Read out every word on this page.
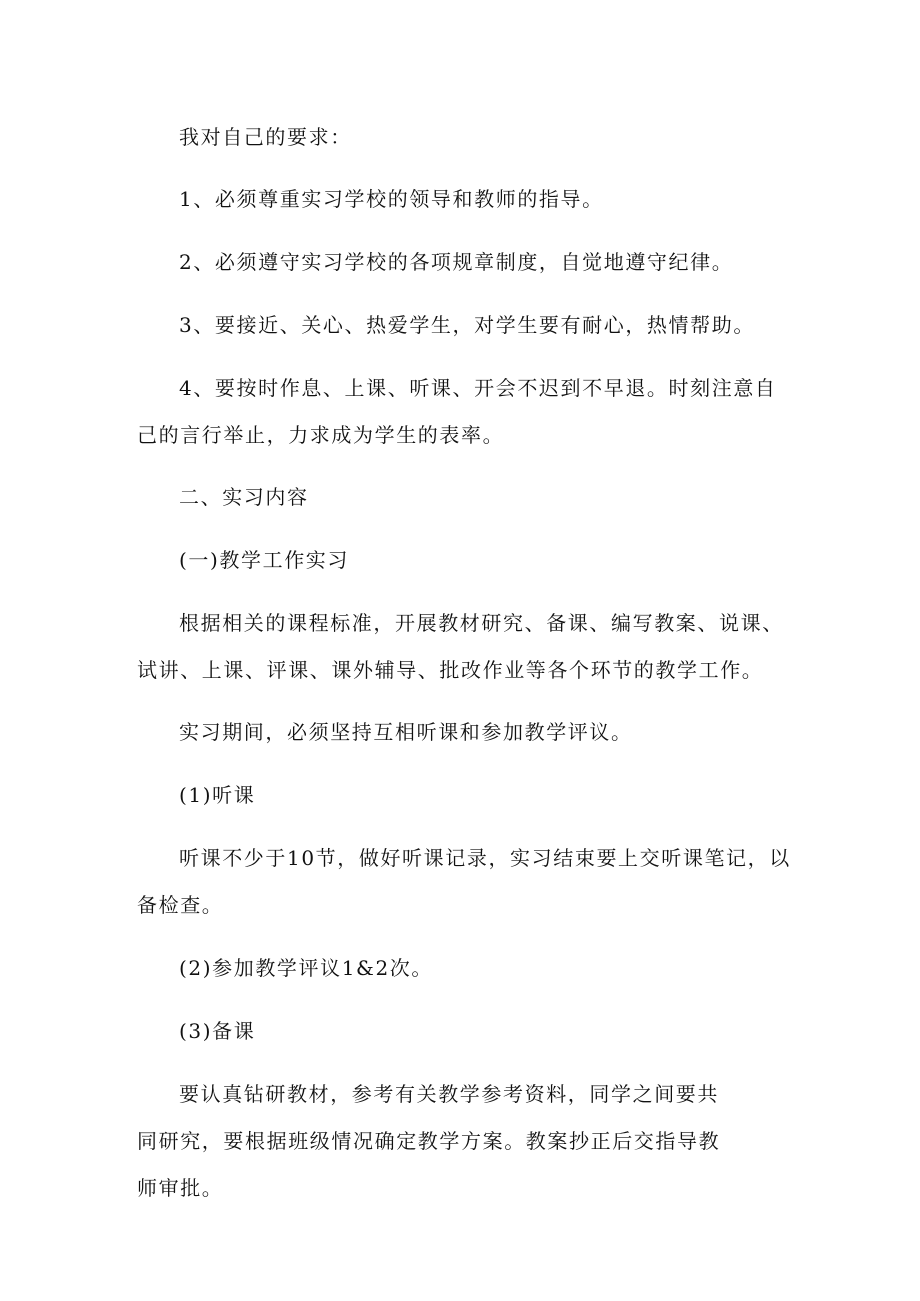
我对自己的要求：

1、必须尊重实习学校的领导和教师的指导。

2、必须遵守实习学校的各项规章制度，自觉地遵守纪律。

3、要接近、关心、热爱学生，对学生要有耐心，热情帮助。

4、要按时作息、上课、听课、开会不迟到不早退。时刻注意自己的言行举止，力求成为学生的表率。

二、实习内容

(一)教学工作实习

根据相关的课程标准，开展教材研究、备课、编写教案、说课、试讲、上课、评课、课外辅导、批改作业等各个环节的教学工作。

实习期间，必须坚持互相听课和参加教学评议。

(1)听课

听课不少于10节，做好听课记录，实习结束要上交听课笔记，以备检查。

(2)参加教学评议1&2次。

(3)备课

要认真钻研教材，参考有关教学参考资料，同学之间要共同研究，要根据班级情况确定教学方案。教案抄正后交指导教师审批。
